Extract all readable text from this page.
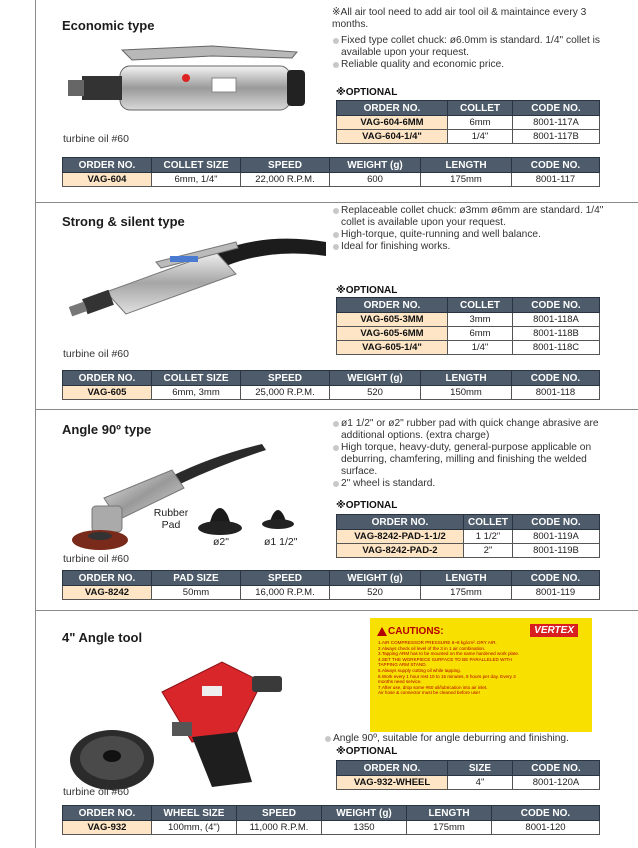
Economic type
※All air tool need to add air tool oil & maintaince every 3 months.
Fixed type collet chuck: ø6.0mm is standard. 1/4" collet is available upon your request.
Reliable quality and economic price.
※OPTIONAL
ORDER NO.	COLLET	CODE NO.
VAG-604-6MM	6mm	8001-117A
VAG-604-1/4"	1/4"	8001-117B
turbine oil #60
ORDER NO.	COLLET SIZE	SPEED	WEIGHT (g)	LENGTH	CODE NO.
VAG-604	6mm, 1/4"	22,000 R.P.M.	600	175mm	8001-117
Strong & silent type
Replaceable collet chuck: ø3mm ø6mm are standard. 1/4" collet is available upon your request.
High-torque, quite-running and well balance.
Ideal for finishing works.
※OPTIONAL
ORDER NO.	COLLET	CODE NO.
VAG-605-3MM	3mm	8001-118A
VAG-605-6MM	6mm	8001-118B
VAG-605-1/4"	1/4"	8001-118C
turbine oil #60
ORDER NO.	COLLET SIZE	SPEED	WEIGHT (g)	LENGTH	CODE NO.
VAG-605	6mm, 3mm	25,000 R.P.M.	520	150mm	8001-118
Angle 90º type
Rubber Pad
ø2"	ø1 1/2"
ø1 1/2" or ø2" rubber pad with quick change abrasive are additional options. (extra charge)
High torque, heavy-duty, general-purpose applicable on deburring, chamfering, milling and finishing the welded surface.
2" wheel is standard.
※OPTIONAL
ORDER NO.	COLLET	CODE NO.
VAG-8242-PAD-1-1/2	1 1/2"	8001-119A
VAG-8242-PAD-2	2"	8001-119B
turbine oil #60
ORDER NO.	PAD SIZE	SPEED	WEIGHT (g)	LENGTH	CODE NO.
VAG-8242	50mm	16,000 R.P.M.	520	175mm	8001-119
4" Angle tool	CAUTIONS:	VERTEX
1.AIR COMPRESSOR PRESSURE 6~8 kg/cm². DRY AIR.
2.Always check oil level of the 3 in 1 air combination.
3.Tapping ARM has to be mounted on the same hardened work plate.
4.SET THE WORKPIECE SURFACE TO BE PARALLELED WITH
TAPPING ARM STAND.
5.Always supply cutting oil while tapping.
6.Work every 1 hour rest 10 to 15 minutes, 8 hours per day. Every 3
months need service.
7.After use, drop some #60 oil/lubrication into air inlet.
Air hose & connector must be cleaned before use!
Angle 90º, suitable for angle deburring and finishing.
※OPTIONAL
ORDER NO.	SIZE	CODE NO.
VAG-932-WHEEL	4"	8001-120A
turbine oil #60
ORDER NO.	WHEEL SIZE	SPEED	WEIGHT (g)	LENGTH	CODE NO.
VAG-932	100mm, (4")	11,000 R.P.M.	1350	175mm	8001-120
